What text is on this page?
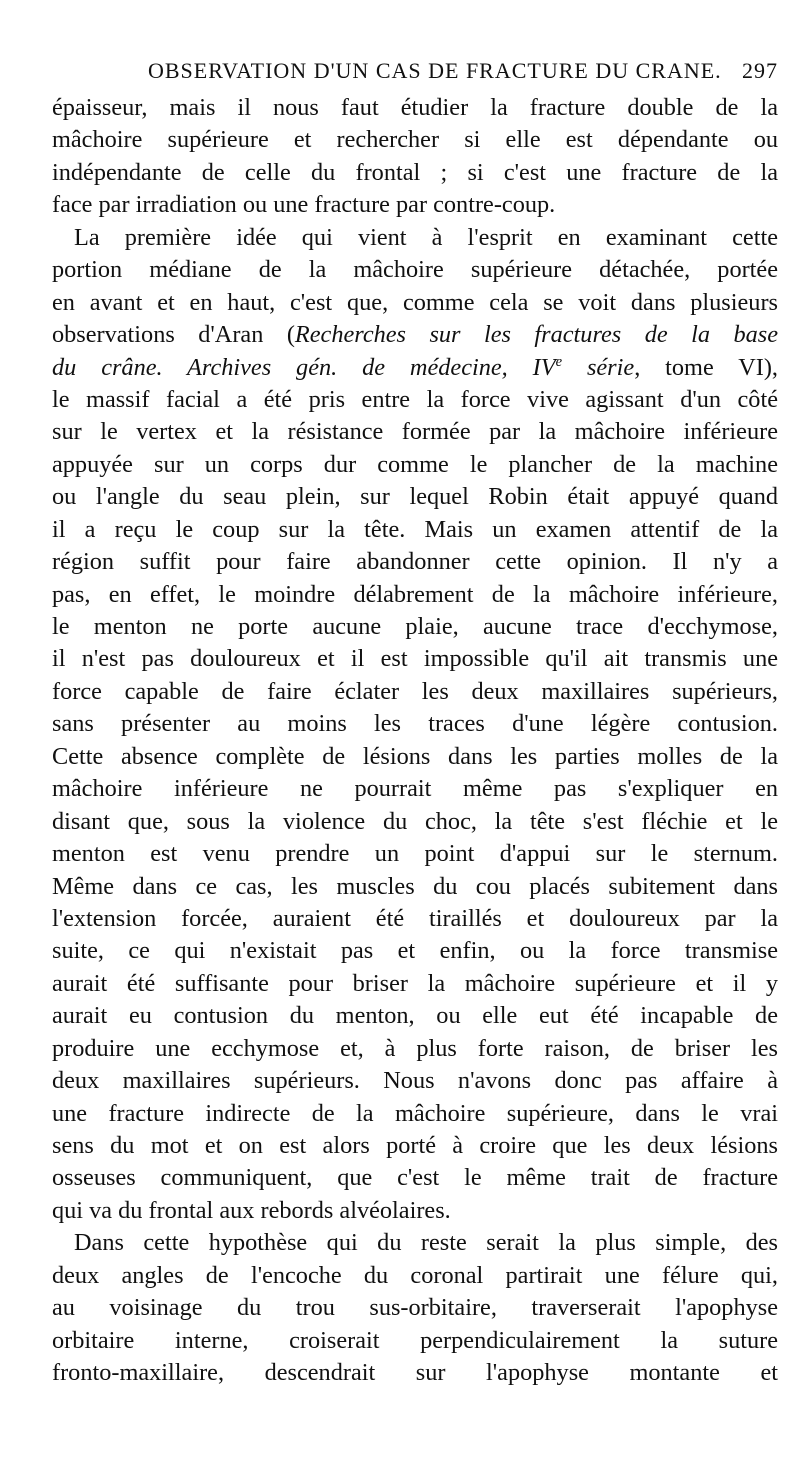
OBSERVATION D'UN CAS DE FRACTURE DU CRANE. 297
épaisseur, mais il nous faut étudier la fracture double de la
mâchoire supérieure et rechercher si elle est dépendante ou
indépendante de celle du frontal ; si c'est une fracture de la
face par irradiation ou une fracture par contre-coup.
La première idée qui vient à l'esprit en examinant cette
portion médiane de la mâchoire supérieure détachée, portée
en avant et en haut, c'est que, comme cela se voit dans plusieurs
observations d'Aran (Recherches sur les fractures de la base
du crâne. Archives gén. de médecine, IVe série, tome VI),
le massif facial a été pris entre la force vive agissant d'un côté
sur le vertex et la résistance formée par la mâchoire inférieure
appuyée sur un corps dur comme le plancher de la machine
ou l'angle du seau plein, sur lequel Robin était appuyé quand
il a reçu le coup sur la tête. Mais un examen attentif de la
région suffit pour faire abandonner cette opinion. Il n'y a
pas, en effet, le moindre délabrement de la mâchoire inférieure,
le menton ne porte aucune plaie, aucune trace d'ecchymose,
il n'est pas douloureux et il est impossible qu'il ait transmis une
force capable de faire éclater les deux maxillaires supérieurs,
sans présenter au moins les traces d'une légère contusion.
Cette absence complète de lésions dans les parties molles de la
mâchoire inférieure ne pourrait même pas s'expliquer en
disant que, sous la violence du choc, la tête s'est fléchie et le
menton est venu prendre un point d'appui sur le sternum.
Même dans ce cas, les muscles du cou placés subitement dans
l'extension forcée, auraient été tiraillés et douloureux par la
suite, ce qui n'existait pas et enfin, ou la force transmise
aurait été suffisante pour briser la mâchoire supérieure et il y
aurait eu contusion du menton, ou elle eut été incapable de
produire une ecchymose et, à plus forte raison, de briser les
deux maxillaires supérieurs. Nous n'avons donc pas affaire à
une fracture indirecte de la mâchoire supérieure, dans le vrai
sens du mot et on est alors porté à croire que les deux lésions
osseuses communiquent, que c'est le même trait de fracture
qui va du frontal aux rebords alvéolaires.
Dans cette hypothèse qui du reste serait la plus simple, des
deux angles de l'encoche du coronal partirait une félure qui,
au voisinage du trou sus-orbitaire, traverserait l'apophyse
orbitaire interne, croiserait perpendiculairement la suture
fronto-maxillaire, descendrait sur l'apophyse montante et
